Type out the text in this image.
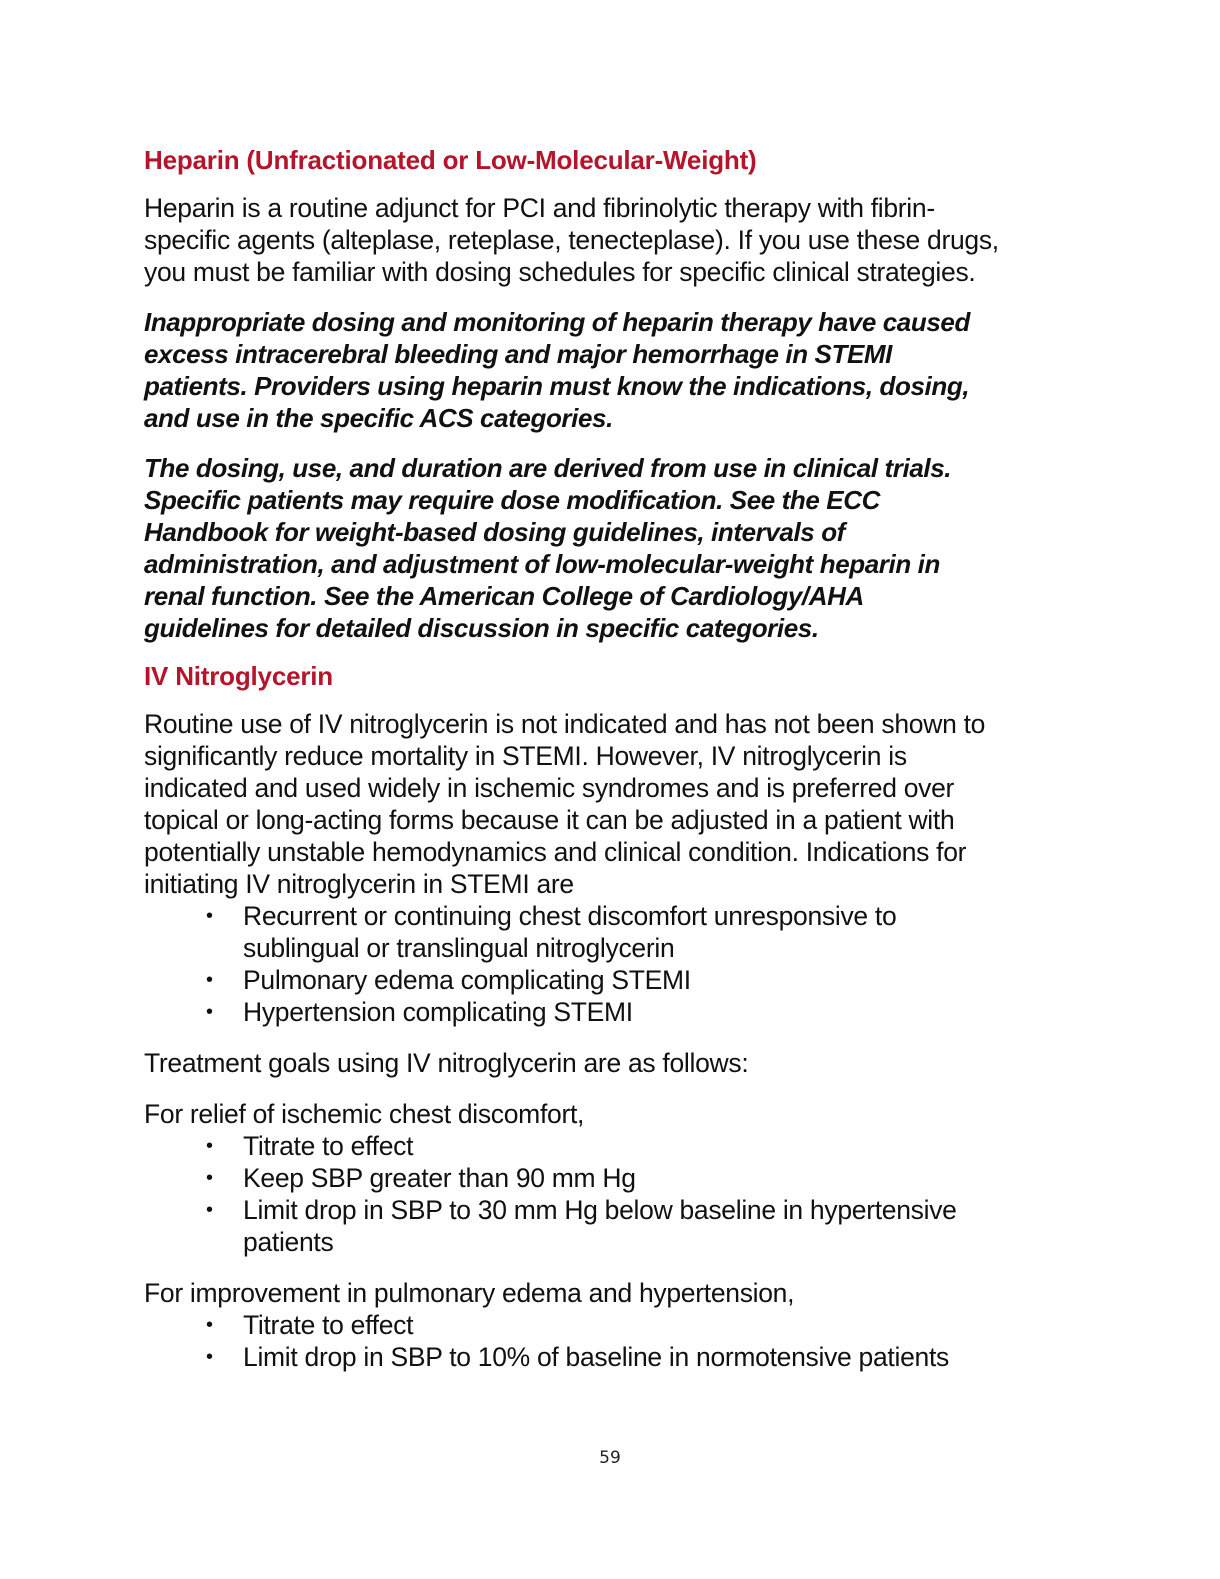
Heparin (Unfractionated or Low-Molecular-Weight)

Heparin is a routine adjunct for PCI and fibrinolytic therapy with fibrin-
specific agents (alteplase, reteplase, tenecteplase). If you use these drugs,
you must be familiar with dosing schedules for specific clinical strategies.

Inappropriate dosing and monitoring of heparin therapy have caused
excess intracerebral bleeding and major hemorrhage in STEMI
patients. Providers using heparin must know the indications, dosing,
and use in the specific ACS categories.

The dosing, use, and duration are derived from use in clinical trials.
Specific patients may require dose modification. See the ECC
Handbook for weight-based dosing guidelines, intervals of
administration, and adjustment of low-molecular-weight heparin in
renal function. See the American College of Cardiology/AHA
guidelines for detailed discussion in specific categories.

IV Nitroglycerin

Routine use of IV nitroglycerin is not indicated and has not been shown to
significantly reduce mortality in STEMI. However, IV nitroglycerin is
indicated and used widely in ischemic syndromes and is preferred over
topical or long-acting forms because it can be adjusted in a patient with
potentially unstable hemodynamics and clinical condition. Indications for
initiating IV nitroglycerin in STEMI are

• Recurrent or continuing chest discomfort unresponsive to
sublingual or translingual nitroglycerin
• Pulmonary edema complicating STEMI
• Hypertension complicating STEMI

Treatment goals using IV nitroglycerin are as follows:

For relief of ischemic chest discomfort,

• Titrate to effect
• Keep SBP greater than 90 mm Hg
• Limit drop in SBP to 30 mm Hg below baseline in hypertensive
patients

For improvement in pulmonary edema and hypertension,

• Titrate to effect
• Limit drop in SBP to 10% of baseline in normotensive patients
59
